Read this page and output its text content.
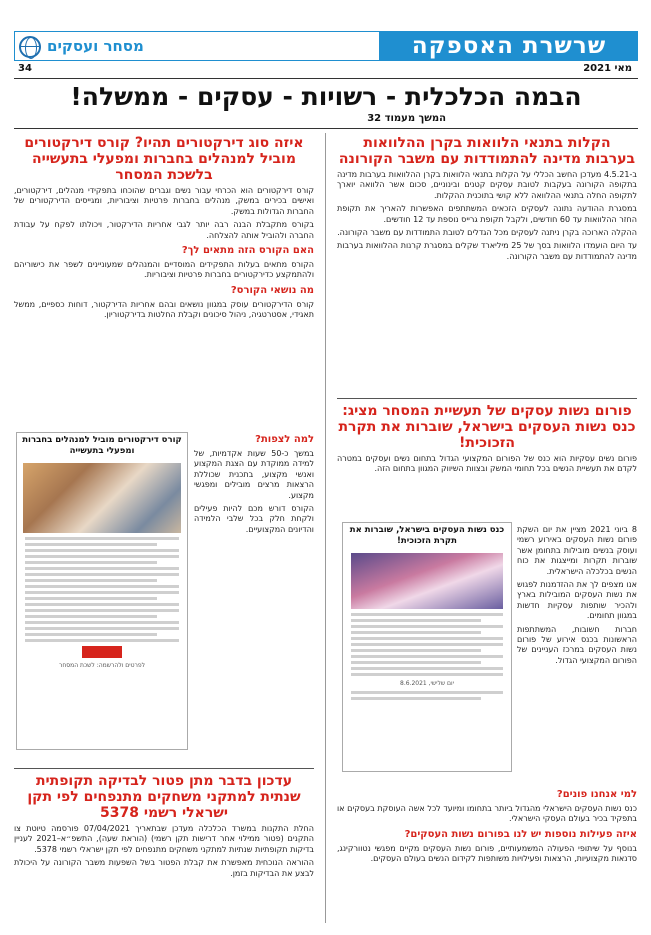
מסחר ועסקים	שרשרת האספקה
34	מאי 2021
הבמה הכלכלית - רשויות - עסקים - ממשלה!
המשך מעמוד 32
הקלות בתנאי הלוואות בקרן ההלוואות בערבות מדינה להתמודדות עם משבר הקורונה

ב-4.5.21 מעדכן החשב הכללי על הקלות בתנאי הלוואות בקרן ההלוואות בערבות מדינה בתקופה הקורונה בעקבות לטובת עסקים קטנים ובינוניים, סכום אשר הלוואה יוארך לתקופה החלה בתנאי ההלוואה ללא קושי בתוכנית ההקלות.

במסגרת ההודעה נתונה לעסקים הזכאים המשתתפים האפשרות להאריך את תקופת החזר ההלוואות עד 60 חודשים, ולקבל תקופת גרייס נוספת עד 12 חודשים.

ההקלה הארוכה בקרן ניתנה לעסקים מכל הגדלים לטובת התמודדות עם משבר הקורונה.

עד היום הועמדו הלוואות בסך של 25 מיליארד שקלים במסגרת קרנות ההלוואות בערבות מדינה להתמודדות עם משבר הקורונה.

פורום נשות עסקים של תעשיית המסחר מציג: כנס נשות העסקים בישראל, שוברות את תקרת הזכוכית!

פורום נשים עסקיות הוא כנס של הפורום המקצועי הגדול בתחום נשים ועסקים במטרה לקדם את תעשיית הנשים בכל תחומי המשק ובצוות השיווק המגוון בתחום הזה.

8 ביוני 2021 מציין את יום השקת פורום נשות העסקים באירוע רשמי ועוסק בנשים מובילות בתחומן אשר שוברות תקרות ומייצגות את כוח הנשים בכלכלה הישראלית.

אנו מצפים לך את ההזדמנות לפגוש את נשות העסקים המובילות בארץ ולהכיר שותפות עסקיות חדשות במגוון תחומים.

חברות חשובות, המשתתפות הראשונות בכנס אירוע של פורום נשות העסקים במרכז העניינים של הפורום המקצועי הגדול.

כנס נשות העסקים בישראל, שוברות את תקרת הזכוכית!
יום שלישי, 8.6.2021
למי אנחנו פונים?

כנס נשות העסקים הישראלי מהגדול ביותר בתחומו ומיועד לכל אשה העוסקת בעסקים או בתפקיד בכיר בעולם העסקי הישראלי.

איזה פעילות נוספות יש לנו בפורום נשות העסקים?

בנוסף על שיתופי הפעולה המשמעותיים, פורום נשות העסקים מקיים מפגשי נטוורקינג, סדנאות מקצועיות, הרצאות ופעילויות משותפות לקידום הנשים בעולם העסקים.

איזה סוג דירקטורים תהיו? קורס דירקטורים מוביל למנהלים בחברות ומפעלי בתעשייה בלשכת המסחר

קורס דירקטורים הוא הכרחי עבור נשים וגברים שהוכחו בתפקידי מנהלים, דירקטורים, ואישים בכירים במשק, מנהלים בחברות פרטיות וציבוריות, ומגייסים הדירקטורים של החברות הגדולות במשק.

בקורס מתקבלת הבנה רבה יותר לגבי אחריות הדירקטור, ויכולתו לפקח על עבודת החברה ולהוביל אותה להצלחה.

האם הקורס הזה מתאים לך?

הקורס מתאים בעלות התפקידים המוסדיים והמנהלים שמעוניינים לשפר את כישוריהם ולהתמקצע כדירקטורים בחברות פרטיות וציבוריות.

מה נושאי הקורס?

קורס הדירקטורים עוסק במגוון נושאים ובהם אחריות הדירקטור, דוחות כספיים, ממשל תאגידי, אסטרטגיה, ניהול סיכונים וקבלת החלטות בדירקטוריון.

למה לצפות?

במשך כ-50 שעות אקדמיות, של למידה ממוקדת עם הצגת המקצוע ואנשי מקצוע, בתכנית שכוללת הרצאות מרצים מובילים ומפגשי מקצוע.

הקורס דורש מכם להיות פעילים ולקחת חלק בכל שלבי הלמידה והדיונים המקצועיים.

קורס דירקטורים מוביל למנהלים בחברות ומפעלי בתעשייה
לפרטים ולהרשמה: לשכת המסחר
עדכון בדבר מתן פטור לבדיקה תקופתית שנתית למתקני משחקים מתנפחים לפי תקן ישראלי רשמי 5378

החלת התקנות במשרד הכלכלה מעדכן שבתאריך 07/04/2021 פורסמה טיוטת צו התקנים (פטור ממילוי אחר דרישות תקן רשמי) (הוראת שעה), התשפ״א–2021 לעניין בדיקות תקופתיות שנתיות למתקני משחקים מתנפחים לפי תקן ישראלי רשמי 5378.

ההוראה הנוכחית מאפשרת את קבלת הפטור בשל השפעות משבר הקורונה על היכולת לבצע את הבדיקות בזמן.
